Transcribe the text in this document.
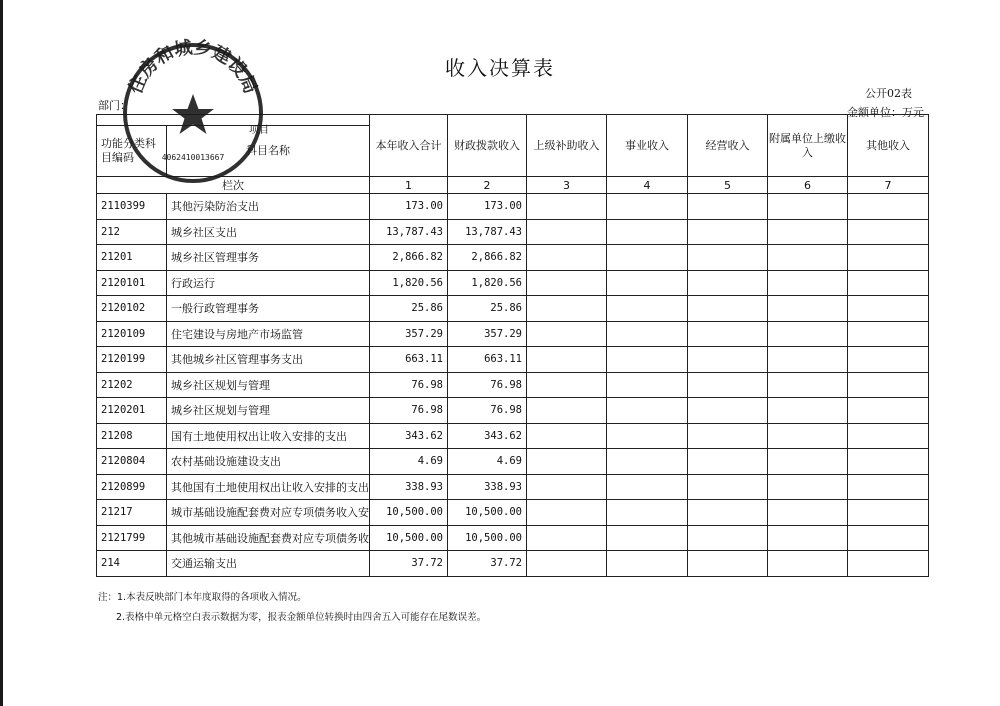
收入决算表
公开02表
金额单位：万元
部门：
		本年收入合计	财政拨款收入	上级补助收入	事业收入	经营收入	附属单位上缴收入	其他收入
功能分类科目编码	科目名称							
栏次		1	2	3	4	5	6	7
2110399	其他污染防治支出	173.00	173.00					
212	城乡社区支出	13,787.43	13,787.43					
21201	城乡社区管理事务	2,866.82	2,866.82					
2120101	行政运行	1,820.56	1,820.56					
2120102	一般行政管理事务	25.86	25.86					
2120109	住宅建设与房地产市场监管	357.29	357.29					
2120199	其他城乡社区管理事务支出	663.11	663.11					
21202	城乡社区规划与管理	76.98	76.98					
2120201	城乡社区规划与管理	76.98	76.98					
21208	国有土地使用权出让收入安排的支出	343.62	343.62					
2120804	农村基础设施建设支出	4.69	4.69					
2120899	其他国有土地使用权出让收入安排的支出	338.93	338.93					
21217	城市基础设施配套费对应专项债务收入安	10,500.00	10,500.00					
2121799	其他城市基础设施配套费对应专项债务收	10,500.00	10,500.00					
214	交通运输支出	37.72	37.72					
项目
注：1.本表反映部门本年度取得的各项收入情况。
2.表格中单元格空白表示数据为零，报表金额单位转换时由四舍五入可能存在尾数误差。
住房和城乡建设局
4062410013667
